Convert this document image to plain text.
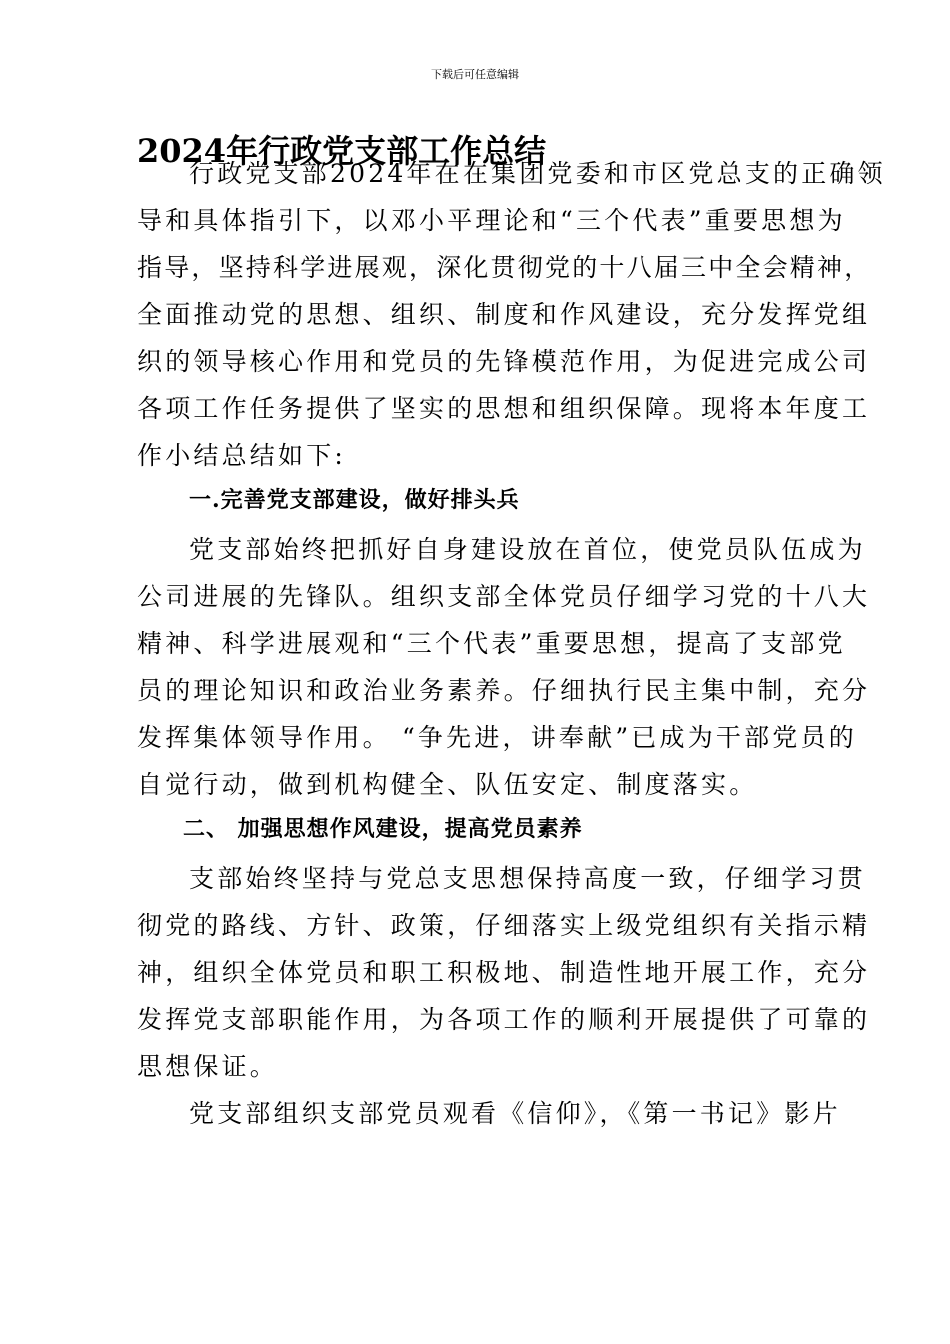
下载后可任意编辑
2024年行政党支部工作总结
行政党支部2024年在在集团党委和市区党总支的正确领
导和具体指引下，以邓小平理论和“三个代表”重要思想为
指导，坚持科学进展观，深化贯彻党的十八届三中全会精神，
全面推动党的思想、组织、制度和作风建设，充分发挥党组
织的领导核心作用和党员的先锋模范作用，为促进完成公司
各项工作任务提供了坚实的思想和组织保障。现将本年度工
作小结总结如下:
一.完善党支部建设，做好排头兵
党支部始终把抓好自身建设放在首位，使党员队伍成为
公司进展的先锋队。组织支部全体党员仔细学习党的十八大
精神、科学进展观和“三个代表”重要思想，提高了支部党
员的理论知识和政治业务素养。仔细执行民主集中制，充分
发挥集体领导作用。 “争先进，讲奉献”已成为干部党员的
自觉行动，做到机构健全、队伍安定、制度落实。
二、 加强思想作风建设，提高党员素养
支部始终坚持与党总支思想保持高度一致，仔细学习贯
彻党的路线、方针、政策，仔细落实上级党组织有关指示精
神，组织全体党员和职工积极地、制造性地开展工作，充分
发挥党支部职能作用，为各项工作的顺利开展提供了可靠的
思想保证。
党支部组织支部党员观看《信仰》，《第一书记》影片
